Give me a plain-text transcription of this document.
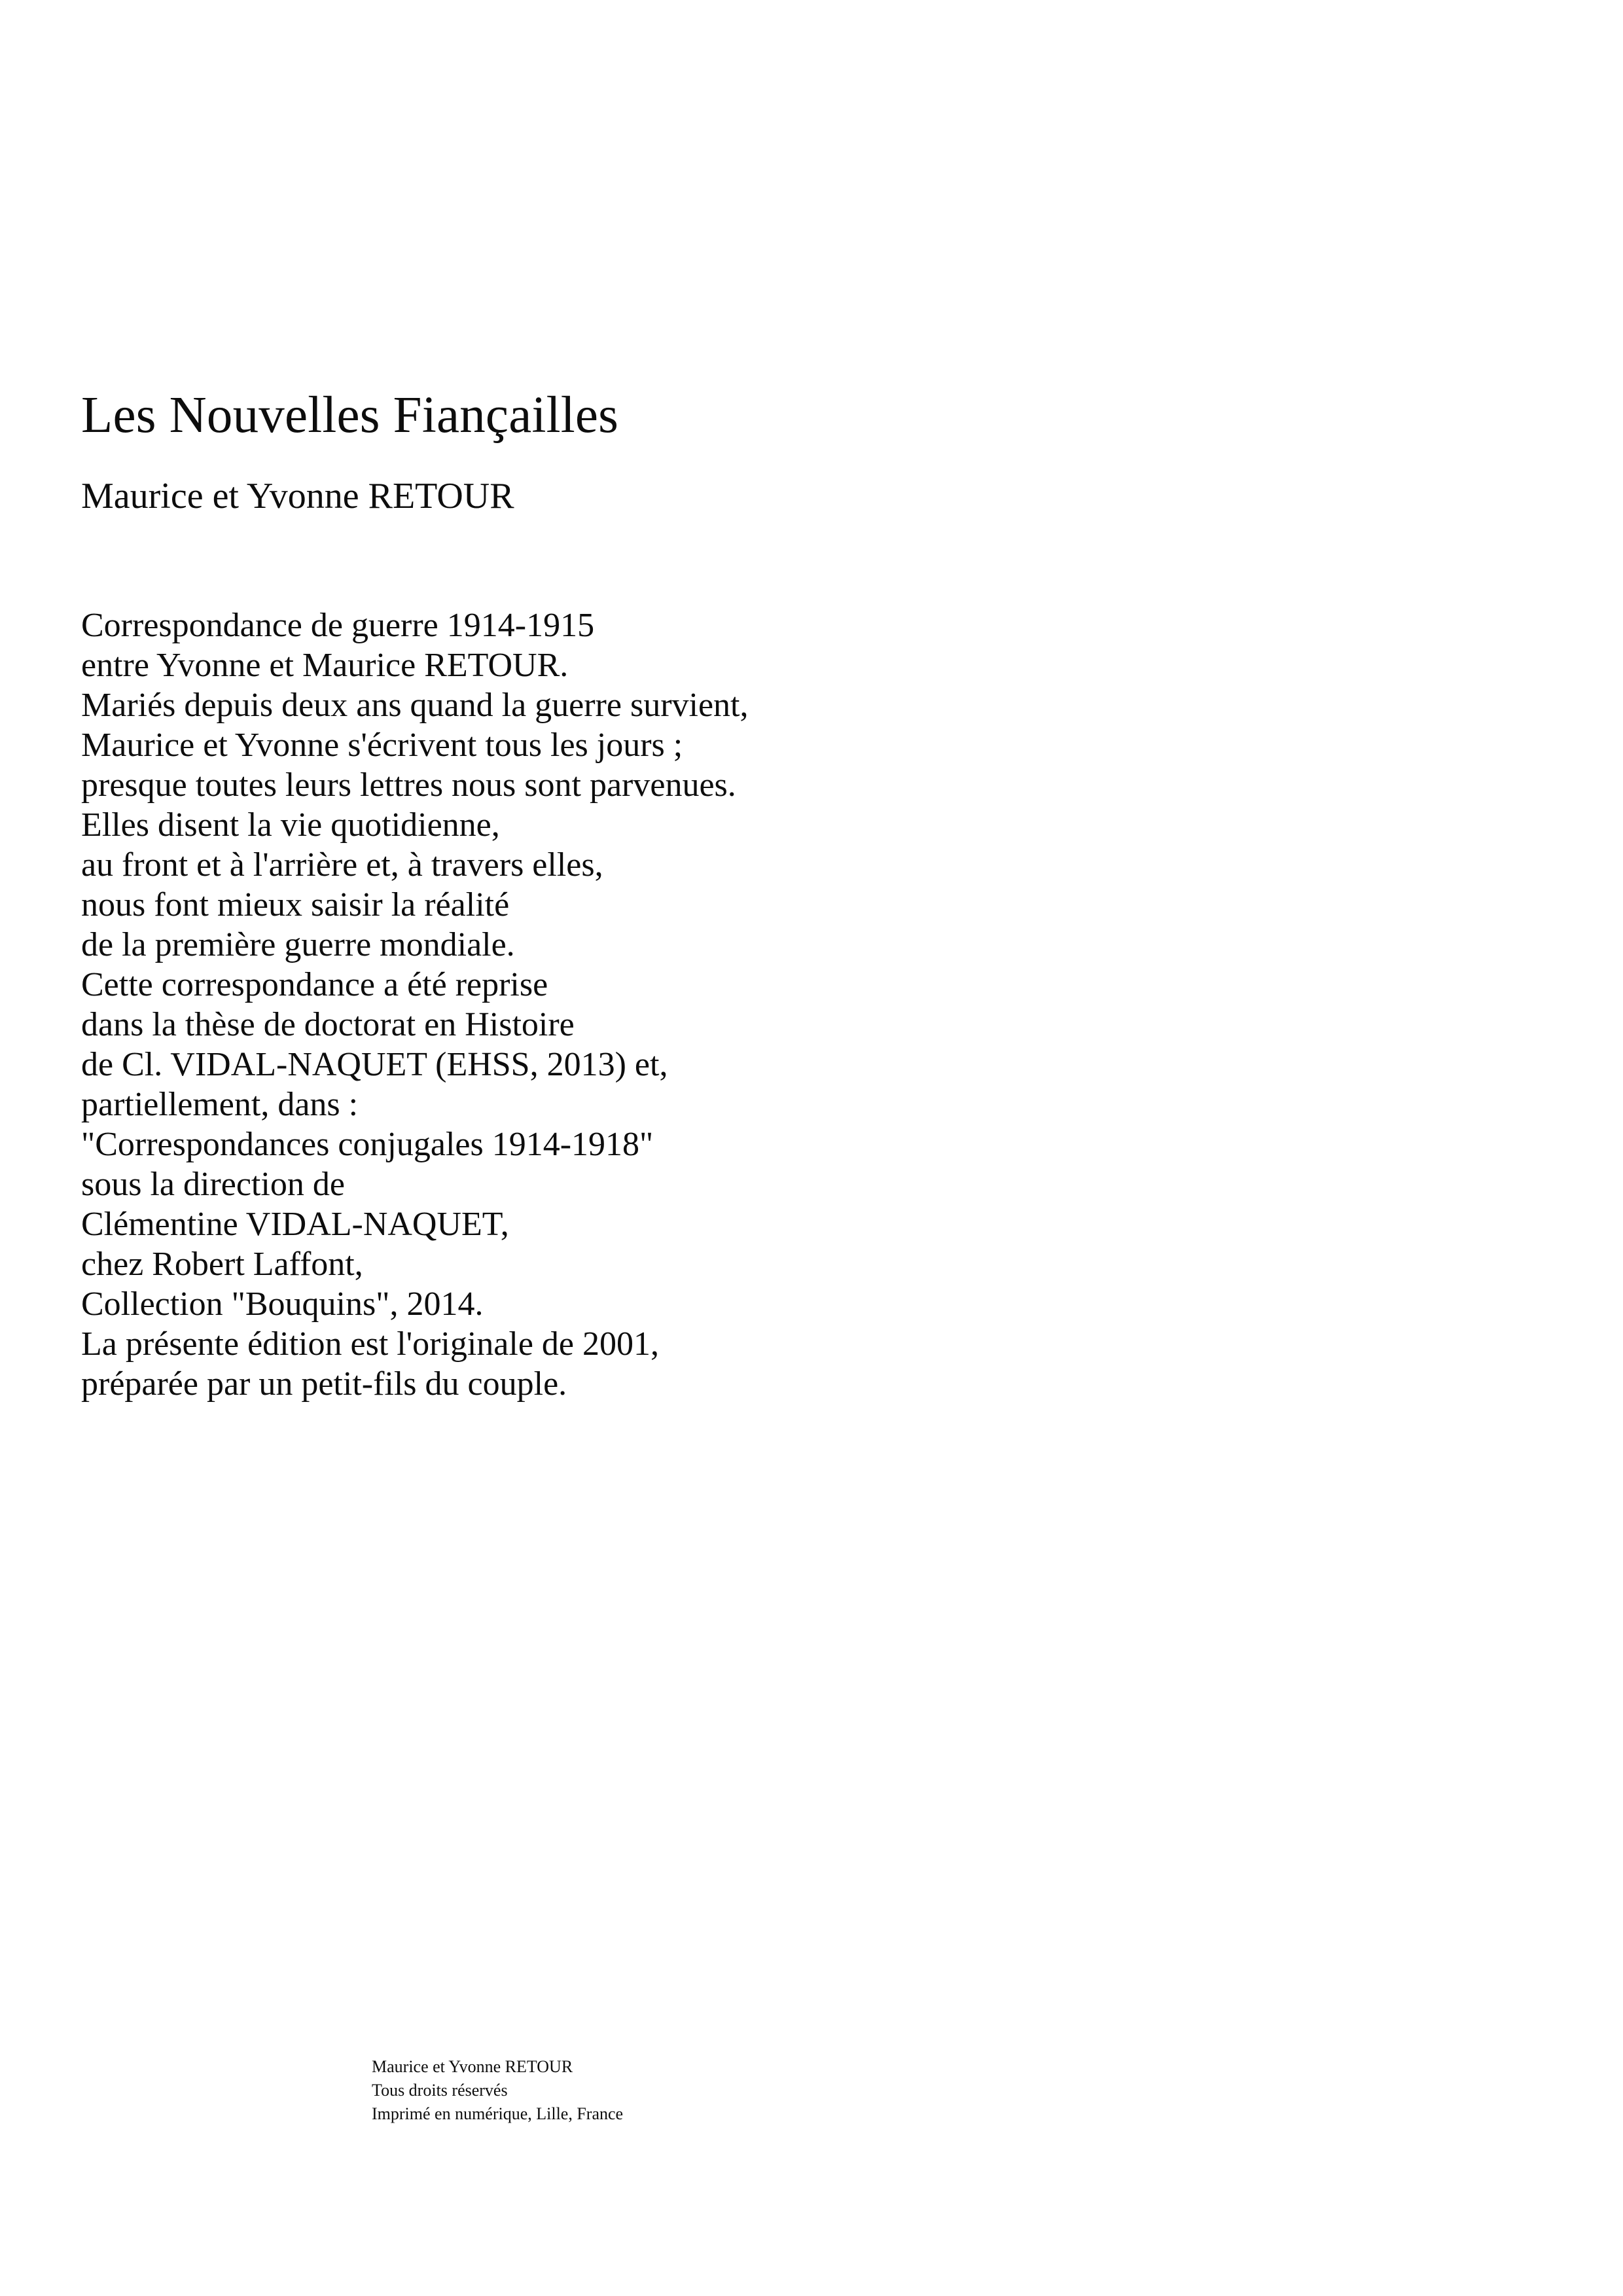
Les Nouvelles Fiançailles

Maurice et Yvonne RETOUR

Correspondance de guerre 1914-1915
entre Yvonne et Maurice RETOUR.
Mariés depuis deux ans quand la guerre survient,
Maurice et Yvonne s'écrivent tous les jours ;
presque toutes leurs lettres nous sont parvenues.
Elles disent la vie quotidienne,
au front et à l'arrière et, à travers elles,
nous font mieux saisir la réalité
de la première guerre mondiale.
Cette correspondance a été reprise
dans la thèse de doctorat en Histoire
de Cl. VIDAL-NAQUET (EHSS, 2013) et,
partiellement, dans :
"Correspondances conjugales 1914-1918"
sous la direction de
Clémentine VIDAL-NAQUET,
chez Robert Laffont,
Collection "Bouquins", 2014.
La présente édition est l'originale de 2001,
préparée par un petit-fils du couple.
Maurice et Yvonne RETOUR
Tous droits réservés
Imprimé en numérique, Lille, France
